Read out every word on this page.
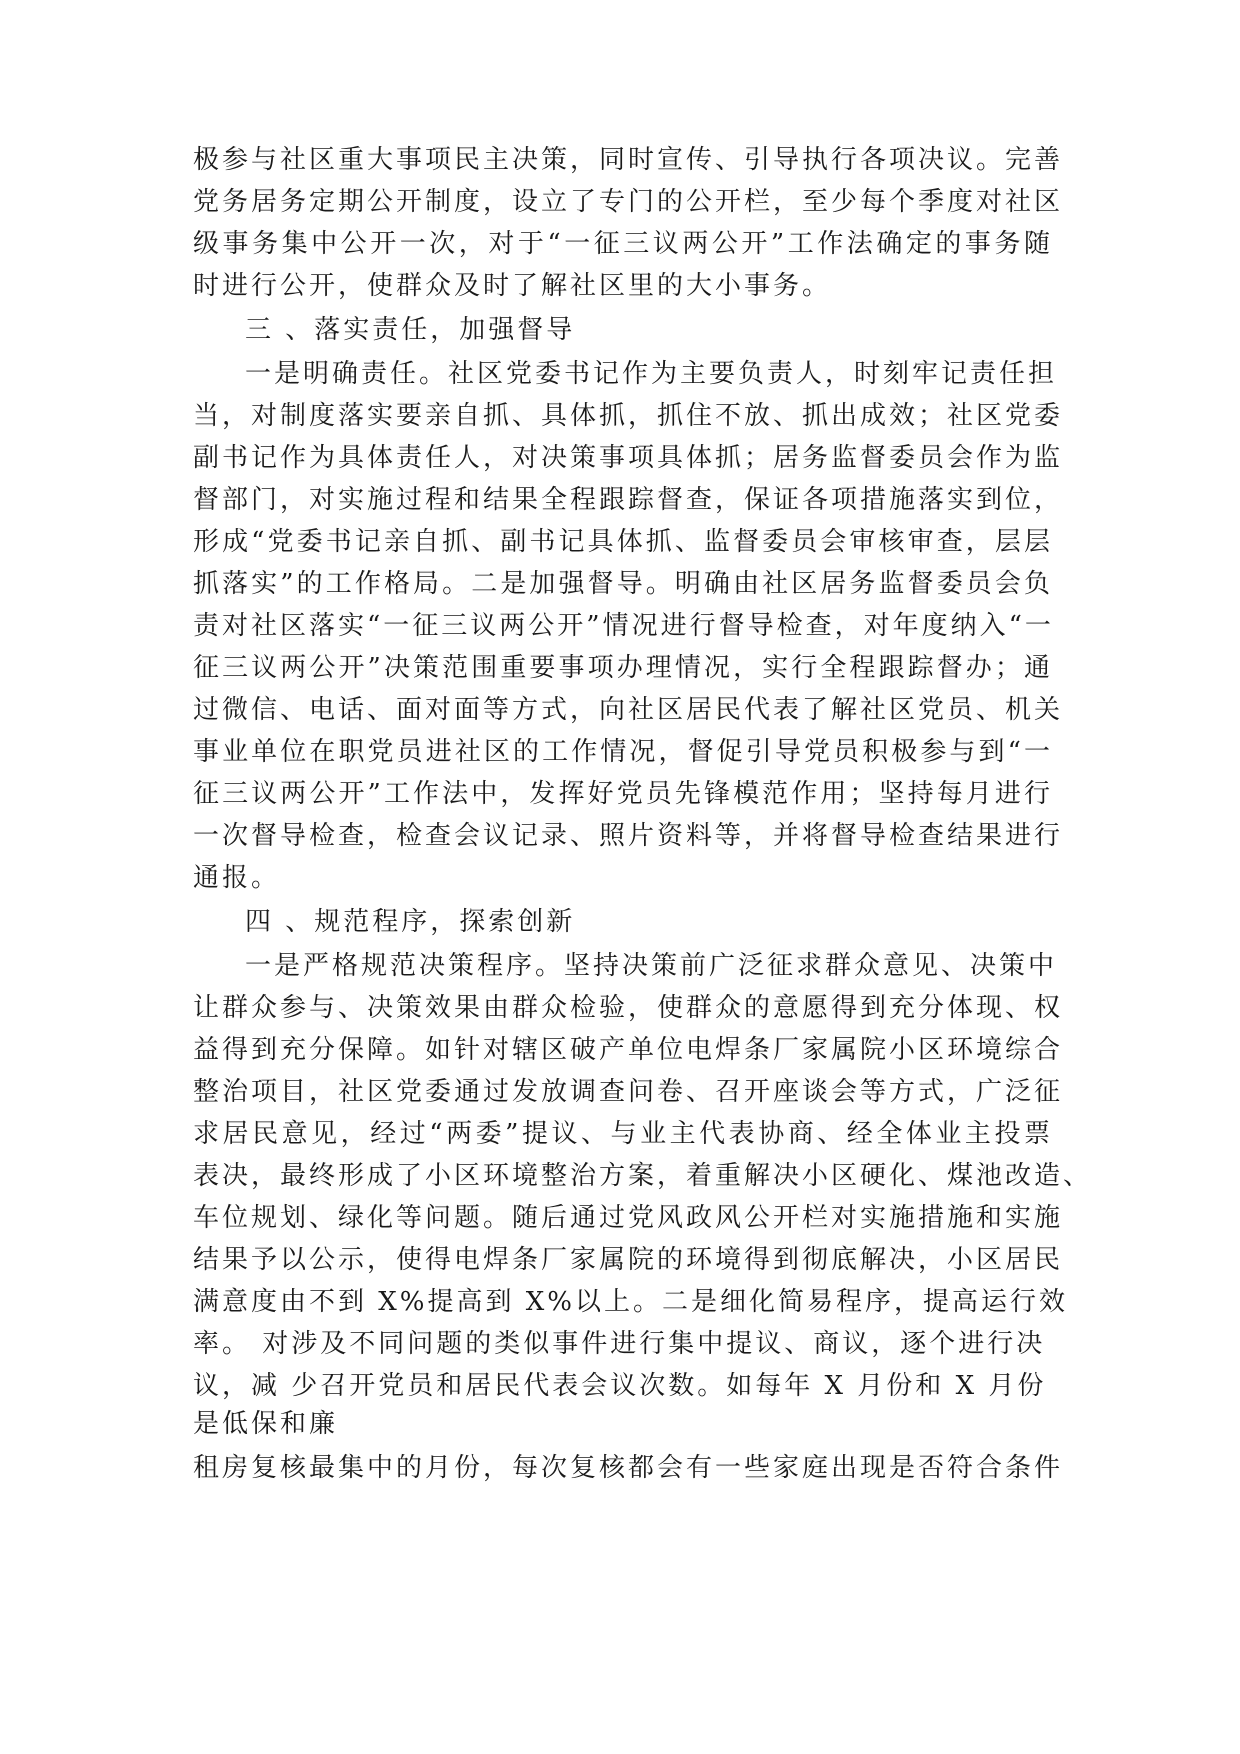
极参与社区重大事项民主决策，同时宣传、引导执行各项决议。完善
党务居务定期公开制度，设立了专门的公开栏，至少每个季度对社区
级事务集中公开一次，对于“一征三议两公开”工作法确定的事务随
时进行公开，使群众及时了解社区里的大小事务。
三 、落实责任，加强督导
一是明确责任。社区党委书记作为主要负责人，时刻牢记责任担
当，对制度落实要亲自抓、具体抓，抓住不放、抓出成效；社区党委
副书记作为具体责任人，对决策事项具体抓；居务监督委员会作为监
督部门，对实施过程和结果全程跟踪督查，保证各项措施落实到位，
形成“党委书记亲自抓、副书记具体抓、监督委员会审核审查，层层
抓落实”的工作格局。二是加强督导。明确由社区居务监督委员会负
责对社区落实“一征三议两公开”情况进行督导检查，对年度纳入“一
征三议两公开”决策范围重要事项办理情况，实行全程跟踪督办；通
过微信、电话、面对面等方式，向社区居民代表了解社区党员、机关
事业单位在职党员进社区的工作情况，督促引导党员积极参与到“一
征三议两公开”工作法中，发挥好党员先锋模范作用；坚持每月进行
一次督导检查，检查会议记录、照片资料等，并将督导检查结果进行
通报。
四 、规范程序，探索创新
一是严格规范决策程序。坚持决策前广泛征求群众意见、决策中
让群众参与、决策效果由群众检验，使群众的意愿得到充分体现、权
益得到充分保障。如针对辖区破产单位电焊条厂家属院小区环境综合
整治项目，社区党委通过发放调查问卷、召开座谈会等方式，广泛征
求居民意见，经过“两委”提议、与业主代表协商、经全体业主投票
表决，最终形成了小区环境整治方案，着重解决小区硬化、煤池改造、
车位规划、绿化等问题。随后通过党风政风公开栏对实施措施和实施
结果予以公示，使得电焊条厂家属院的环境得到彻底解决，小区居民
满意度由不到 X%提高到 X%以上。二是细化简易程序，提高运行效
率。 对涉及不同问题的类似事件进行集中提议、商议，逐个进行决
议，减 少召开党员和居民代表会议次数。如每年 X 月份和 X 月份
是低保和廉
租房复核最集中的月份，每次复核都会有一些家庭出现是否符合条件
